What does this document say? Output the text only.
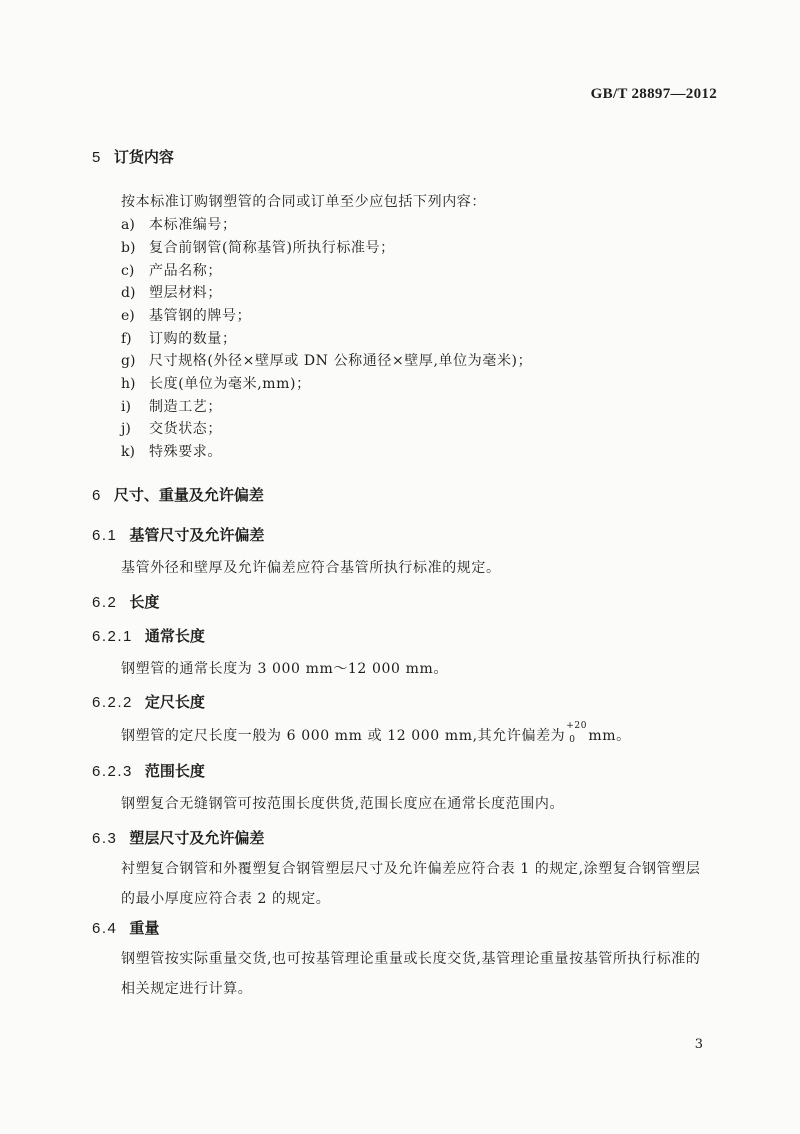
GB/T 28897—2012
5 订货内容
按本标准订购钢塑管的合同或订单至少应包括下列内容：
a) 本标准编号；
b) 复合前钢管(简称基管)所执行标准号；
c) 产品名称；
d) 塑层材料；
e) 基管钢的牌号；
f) 订购的数量；
g) 尺寸规格(外径×壁厚或 DN 公称通径×壁厚,单位为毫米)；
h) 长度(单位为毫米,mm)；
i) 制造工艺；
j) 交货状态；
k) 特殊要求。
6 尺寸、重量及允许偏差
6.1 基管尺寸及允许偏差
基管外径和壁厚及允许偏差应符合基管所执行标准的规定。
6.2 长度
6.2.1 通常长度
钢塑管的通常长度为 3 000 mm～12 000 mm。
6.2.2 定尺长度
钢塑管的定尺长度一般为 6 000 mm 或 12 000 mm,其允许偏差为
+20
0 mm。
6.2.3 范围长度
钢塑复合无缝钢管可按范围长度供货,范围长度应在通常长度范围内。
6.3 塑层尺寸及允许偏差
衬塑复合钢管和外覆塑复合钢管塑层尺寸及允许偏差应符合表 1 的规定,涂塑复合钢管塑层的最小厚度应符合表 2 的规定。
6.4 重量
钢塑管按实际重量交货,也可按基管理论重量或长度交货,基管理论重量按基管所执行标准的相关规定进行计算。
3
